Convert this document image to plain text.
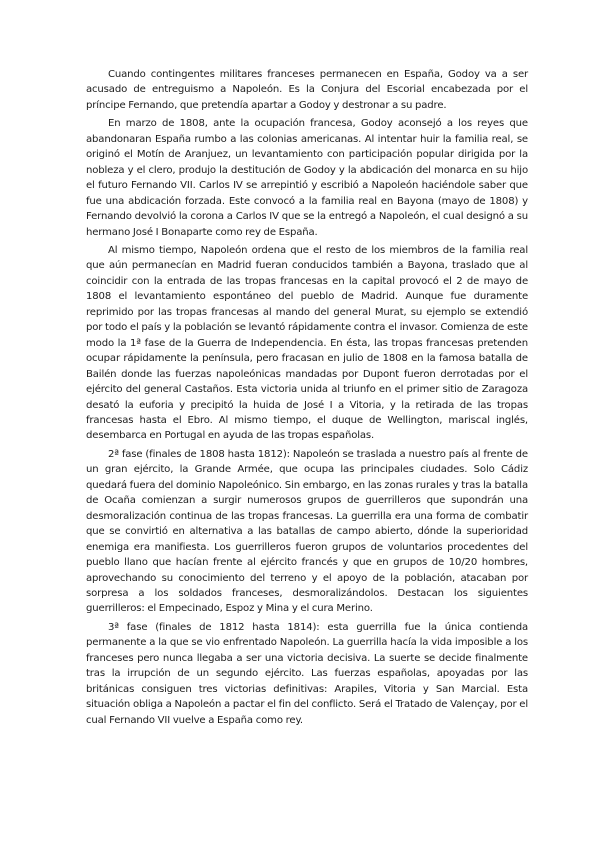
Cuando contingentes militares franceses permanecen en España, Godoy va a ser acusado de entreguismo a Napoleón. Es la Conjura del Escorial encabezada por el príncipe Fernando, que pretendía apartar a Godoy y destronar a su padre.

En marzo de 1808, ante la ocupación francesa, Godoy aconsejó a los reyes que abandonaran España rumbo a las colonias americanas. Al intentar huir la familia real, se originó el Motín de Aranjuez, un levantamiento con participación popular dirigida por la nobleza y el clero, produjo la destitución de Godoy y la abdicación del monarca en su hijo el futuro Fernando VII. Carlos IV se arrepintió y escribió a Napoleón haciéndole saber que fue una abdicación forzada. Este convocó a la familia real en Bayona (mayo de 1808) y Fernando devolvió la corona a Carlos IV que se la entregó a Napoleón, el cual designó a su hermano José I Bonaparte como rey de España.

Al mismo tiempo, Napoleón ordena que el resto de los miembros de la familia real que aún permanecían en Madrid fueran conducidos también a Bayona, traslado que al coincidir con la entrada de las tropas francesas en la capital provocó el 2 de mayo de 1808 el levantamiento espontáneo del pueblo de Madrid. Aunque fue duramente reprimido por las tropas francesas al mando del general Murat, su ejemplo se extendió por todo el país y la población se levantó rápidamente contra el invasor. Comienza de este modo la 1ª fase de la Guerra de Independencia. En ésta, las tropas francesas pretenden ocupar rápidamente la península, pero fracasan en julio de 1808 en la famosa batalla de Bailén donde las fuerzas napoleónicas mandadas por Dupont fueron derrotadas por el ejército del general Castaños. Esta victoria unida al triunfo en el primer sitio de Zaragoza desató la euforia y precipitó la huida de José I a Vitoria, y la retirada de las tropas francesas hasta el Ebro. Al mismo tiempo, el duque de Wellington, mariscal inglés, desembarca en Portugal en ayuda de las tropas españolas.

2ª fase (finales de 1808 hasta 1812): Napoleón se traslada a nuestro país al frente de un gran ejército, la Grande Armée, que ocupa las principales ciudades. Solo Cádiz quedará fuera del dominio Napoleónico. Sin embargo, en las zonas rurales y tras la batalla de Ocaña comienzan a surgir numerosos grupos de guerrilleros que supondrán una desmoralización continua de las tropas francesas. La guerrilla era una forma de combatir que se convirtió en alternativa a las batallas de campo abierto, dónde la superioridad enemiga era manifiesta. Los guerrilleros fueron grupos de voluntarios procedentes del pueblo llano que hacían frente al ejército francés y que en grupos de 10/20 hombres, aprovechando su conocimiento del terreno y el apoyo de la población, atacaban por sorpresa a los soldados franceses, desmoralizándolos. Destacan los siguientes guerrilleros: el Empecinado, Espoz y Mina y el cura Merino.

3ª fase (finales de 1812 hasta 1814): esta guerrilla fue la única contienda permanente a la que se vio enfrentado Napoleón. La guerrilla hacía la vida imposible a los franceses pero nunca llegaba a ser una victoria decisiva. La suerte se decide finalmente tras la irrupción de un segundo ejército. Las fuerzas españolas, apoyadas por las británicas consiguen tres victorias definitivas: Arapiles, Vitoria y San Marcial. Esta situación obliga a Napoleón a pactar el fin del conflicto. Será el Tratado de Valençay, por el cual Fernando VII vuelve a España como rey.
